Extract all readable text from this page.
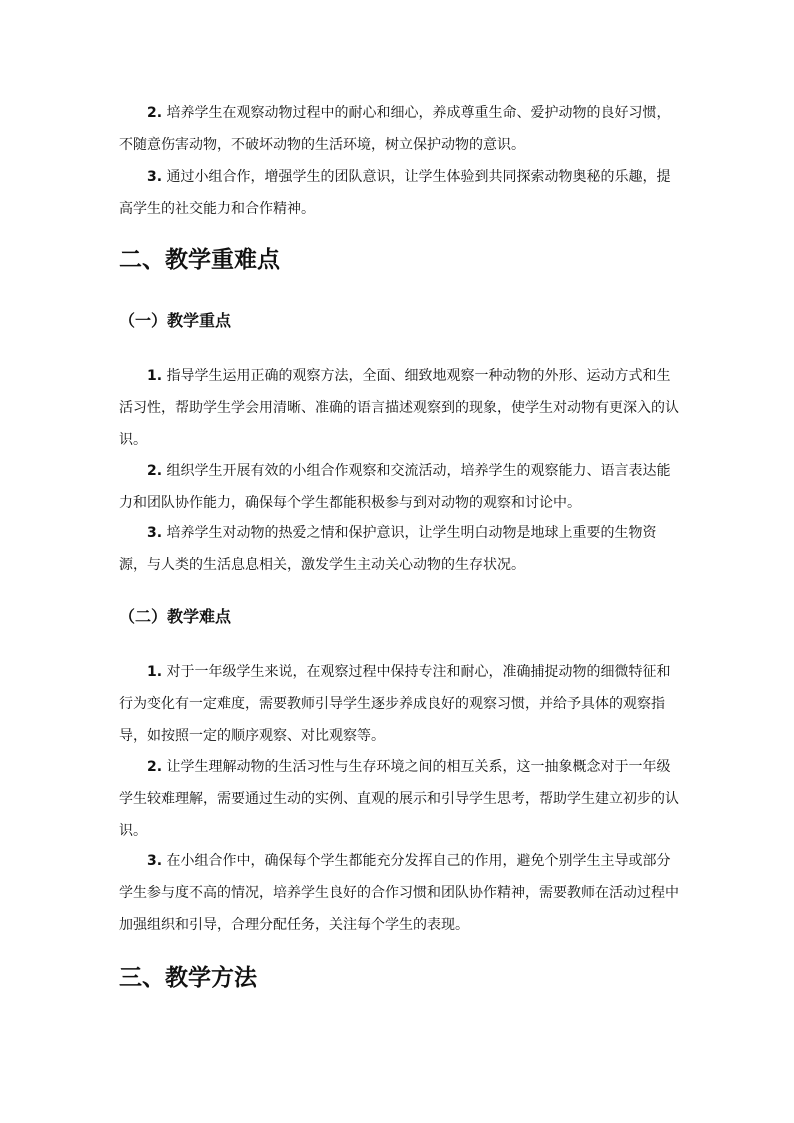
2. 培养学生在观察动物过程中的耐心和细心，养成尊重生命、爱护动物的良好习惯，不随意伤害动物，不破坏动物的生活环境，树立保护动物的意识。

3. 通过小组合作，增强学生的团队意识，让学生体验到共同探索动物奥秘的乐趣，提高学生的社交能力和合作精神。

二、教学重难点
（一）教学重点

1. 指导学生运用正确的观察方法，全面、细致地观察一种动物的外形、运动方式和生活习性，帮助学生学会用清晰、准确的语言描述观察到的现象，使学生对动物有更深入的认识。

2. 组织学生开展有效的小组合作观察和交流活动，培养学生的观察能力、语言表达能力和团队协作能力，确保每个学生都能积极参与到对动物的观察和讨论中。

3. 培养学生对动物的热爱之情和保护意识，让学生明白动物是地球上重要的生物资源，与人类的生活息息相关，激发学生主动关心动物的生存状况。

（二）教学难点

1. 对于一年级学生来说，在观察过程中保持专注和耐心，准确捕捉动物的细微特征和行为变化有一定难度，需要教师引导学生逐步养成良好的观察习惯，并给予具体的观察指导，如按照一定的顺序观察、对比观察等。

2. 让学生理解动物的生活习性与生存环境之间的相互关系，这一抽象概念对于一年级学生较难理解，需要通过生动的实例、直观的展示和引导学生思考，帮助学生建立初步的认识。

3. 在小组合作中，确保每个学生都能充分发挥自己的作用，避免个别学生主导或部分学生参与度不高的情况，培养学生良好的合作习惯和团队协作精神，需要教师在活动过程中加强组织和引导，合理分配任务，关注每个学生的表现。

三、教学方法
